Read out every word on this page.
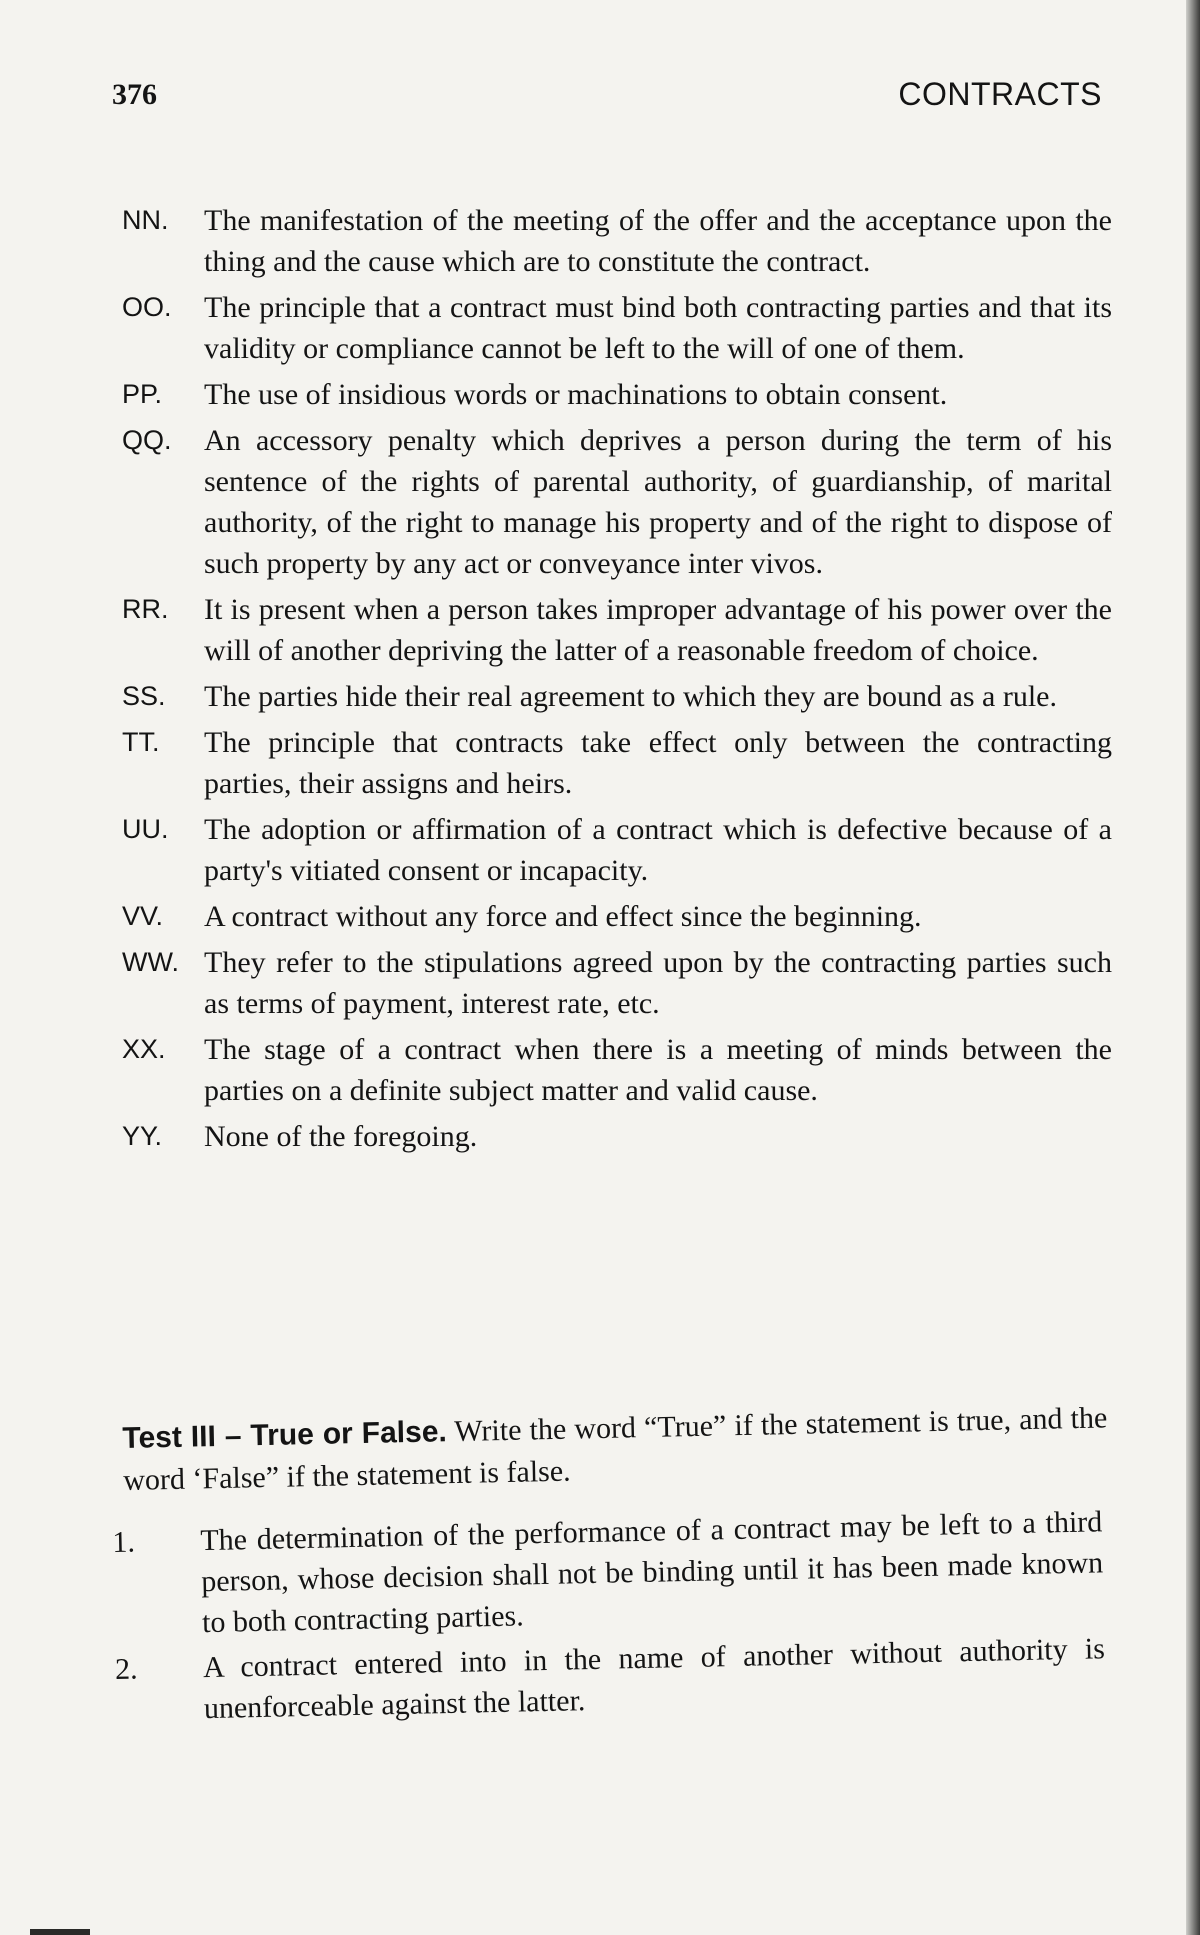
376	CONTRACTS
NN.	The manifestation of the meeting of the offer and the acceptance upon the thing and the cause which are to constitute the contract.
OO.	The principle that a contract must bind both contracting parties and that its validity or compliance cannot be left to the will of one of them.
PP.	The use of insidious words or machinations to obtain consent.
QQ.	An accessory penalty which deprives a person during the term of his sentence of the rights of parental authority, of guardianship, of marital authority, of the right to manage his property and of the right to dispose of such property by any act or conveyance inter vivos.
RR.	It is present when a person takes improper advantage of his power over the will of another depriving the latter of a reasonable freedom of choice.
SS.	The parties hide their real agreement to which they are bound as a rule.
TT.	The principle that contracts take effect only between the contracting parties, their assigns and heirs.
UU.	The adoption or affirmation of a contract which is defective because of a party's vitiated consent or incapacity.
VV.	A contract without any force and effect since the beginning.
WW. They refer to the stipulations agreed upon by the contracting parties such as terms of payment, interest rate, etc.
XX.	The stage of a contract when there is a meeting of minds between the parties on a definite subject matter and valid cause.
YY.	None of the foregoing.
Test III – True or False. Write the word “True” if the statement is true, and the word ‘False” if the statement is false.
1.	The determination of the performance of a contract may be left to a third person, whose decision shall not be binding until it has been made known to both contracting parties.
2.	A contract entered into in the name of another without authority is unenforceable against the latter.
